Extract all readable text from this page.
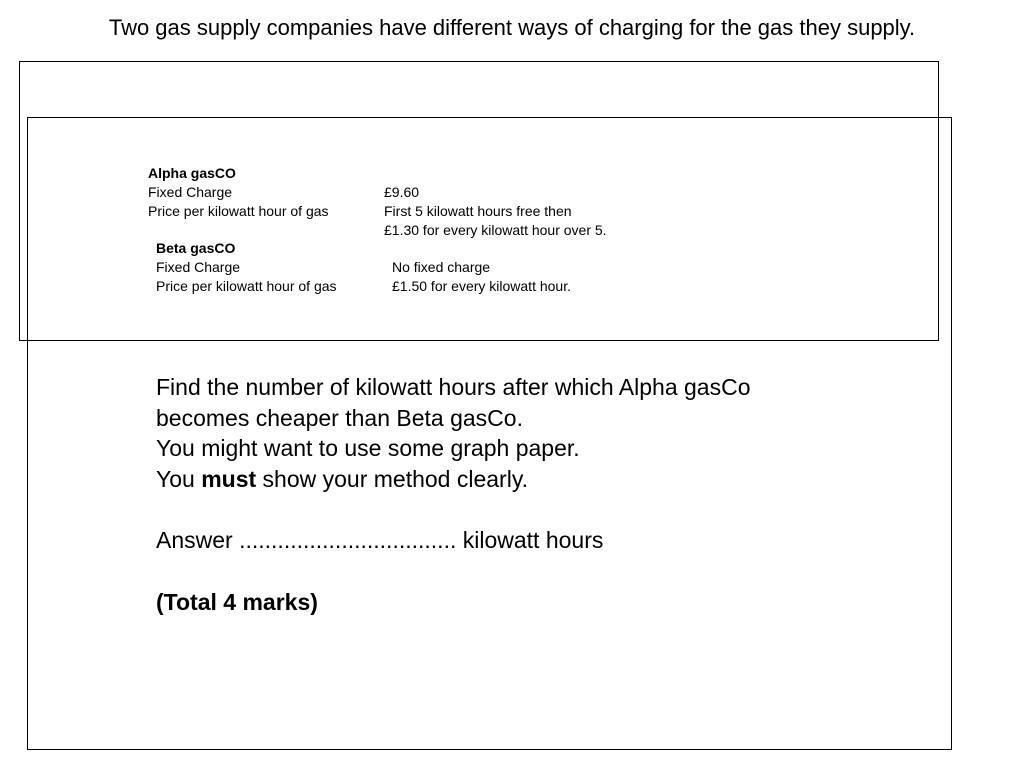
Two gas supply companies have different ways of charging for the gas they supply.
Alpha gasCO
Fixed Charge	£9.60
Price per kilowatt hour of gas	First 5 kilowatt hours free then
£1.30 for every kilowatt hour over 5.
Beta gasCO
Fixed Charge	No fixed charge
Price per kilowatt hour of gas	£1.50 for every kilowatt hour.
Find the number of kilowatt hours after which Alpha gasCo
becomes cheaper than Beta gasCo.
You might want to use some graph paper.
You must show your method clearly.
Answer .................................. kilowatt hours
(Total 4 marks)
